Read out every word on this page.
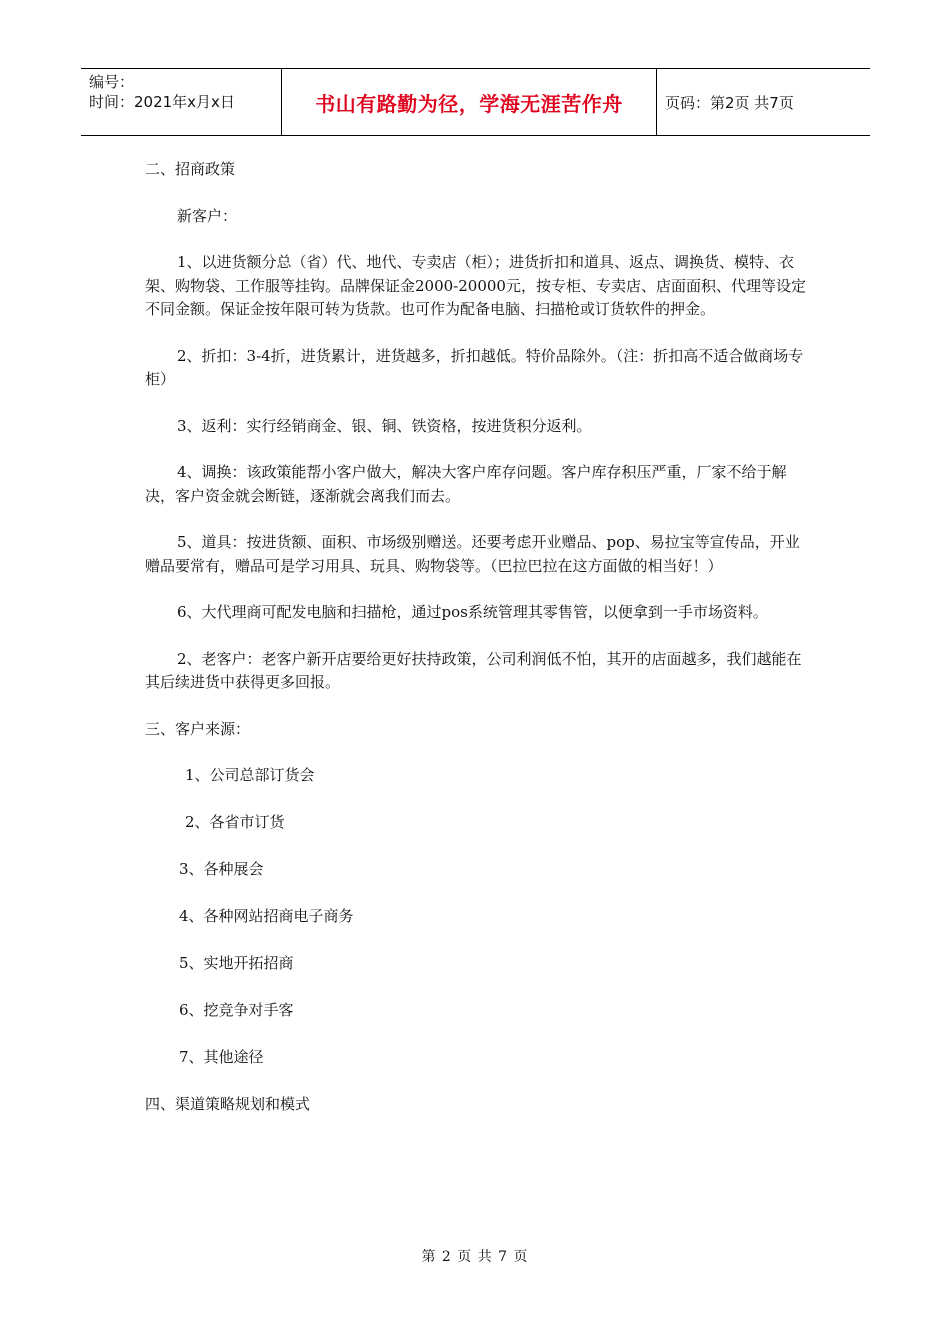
编号：
时间：2021年x月x日	书山有路勤为径，学海无涯苦作舟	页码：第2页 共7页

二、招商政策

新客户：

1、以进货额分总（省）代、地代、专卖店（柜）；进货折扣和道具、返点、调换货、模特、衣架、购物袋、工作服等挂钩。品牌保证金2000-20000元，按专柜、专卖店、店面面积、代理等设定不同金额。保证金按年限可转为货款。也可作为配备电脑、扫描枪或订货软件的押金。

2、折扣：3-4折，进货累计，进货越多，折扣越低。特价品除外。（注：折扣高不适合做商场专柜）

3、返利：实行经销商金、银、铜、铁资格，按进货积分返利。

4、调换：该政策能帮小客户做大，解决大客户库存问题。客户库存积压严重，厂家不给于解决，客户资金就会断链，逐渐就会离我们而去。

5、道具：按进货额、面积、市场级别赠送。还要考虑开业赠品、pop、易拉宝等宣传品，开业赠品要常有，赠品可是学习用具、玩具、购物袋等。（巴拉巴拉在这方面做的相当好！）

6、大代理商可配发电脑和扫描枪，通过pos系统管理其零售管，以便拿到一手市场资料。

2、老客户：老客户新开店要给更好扶持政策，公司利润低不怕，其开的店面越多，我们越能在其后续进货中获得更多回报。

三、客户来源：

1、公司总部订货会

2、各省市订货

3、各种展会

4、各种网站招商电子商务

5、实地开拓招商

6、挖竞争对手客

7、其他途径

四、渠道策略规划和模式

第 2 页 共 7 页
